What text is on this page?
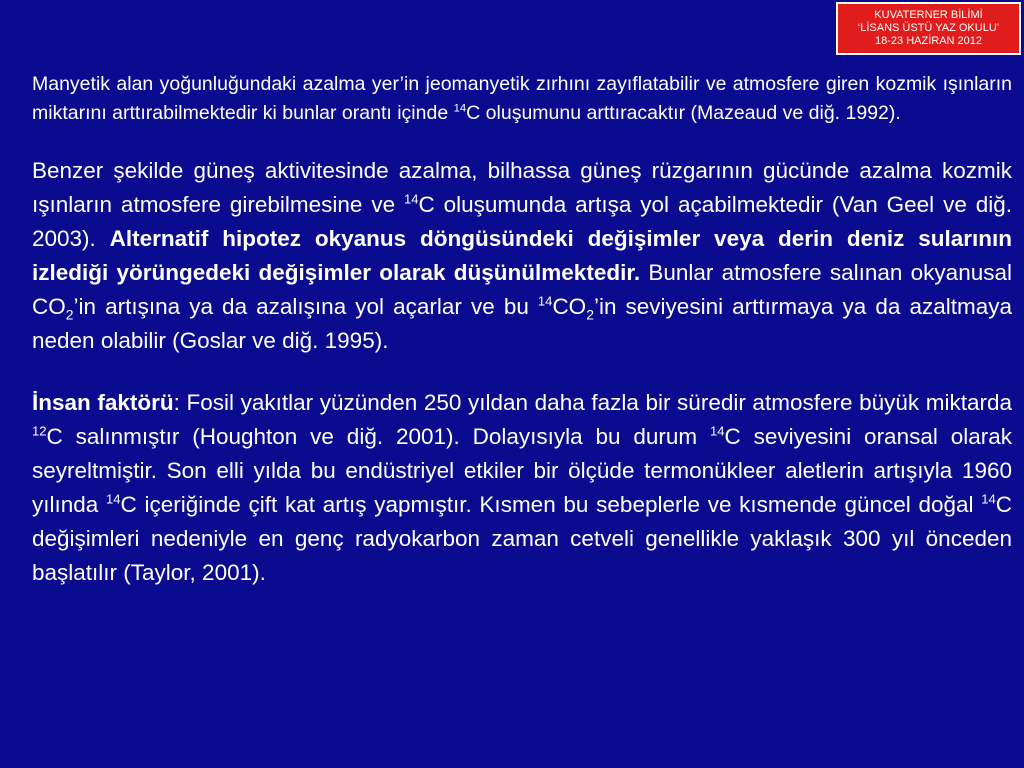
KUVATERNER BİLİMİ
‘LİSANS ÜSTÜ YAZ OKULU’
18-23 HAZİRAN 2012

Manyetik alan yoğunluğundaki azalma yer’in jeomanyetik zırhını zayıflatabilir ve atmosfere giren kozmik ışınların miktarını arttırabilmektedir ki bunlar orantı içinde $^{14}$C oluşumunu arttıracaktır (Mazeaud ve diğ. 1992).

Benzer şekilde güneş aktivitesinde azalma, bilhassa güneş rüzgarının gücünde azalma kozmik ışınların atmosfere girebilmesine ve $^{14}$C oluşumunda artışa yol açabilmektedir (Van Geel ve diğ. 2003). Alternatif hipotez okyanus döngüsündeki değişimler veya derin deniz sularının izlediği yörüngedeki değişimler olarak düşünülmektedir. Bunlar atmosfere salınan okyanusal $CO_2’in$ artışına ya da azalışına yol açarlar ve bu $^{14}CO_2’in$ seviyesini arttırmaya ya da azaltmaya neden olabilir (Goslar ve diğ. 1995).

İnsan faktörü: Fosil yakıtlar yüzünden 250 yıldan daha fazla bir süredir atmosfere büyük miktarda $^{12}$C salınmıştır (Houghton ve diğ. 2001). Dolayısıyla bu durum $^{14}$C seviyesini oransal olarak seyreltmiştir. Son elli yılda bu endüstriyel etkiler bir ölçüde termonükleer aletlerin artışıyla 1960 yılında $^{14}$C içeriğinde çift kat artış yapmıştır. Kısmen bu sebeplerle ve kısmende güncel doğal $^{14}$C değişimleri nedeniyle en genç radyokarbon zaman cetveli genellikle yaklaşık 300 yıl önceden başlatılır (Taylor, 2001).
